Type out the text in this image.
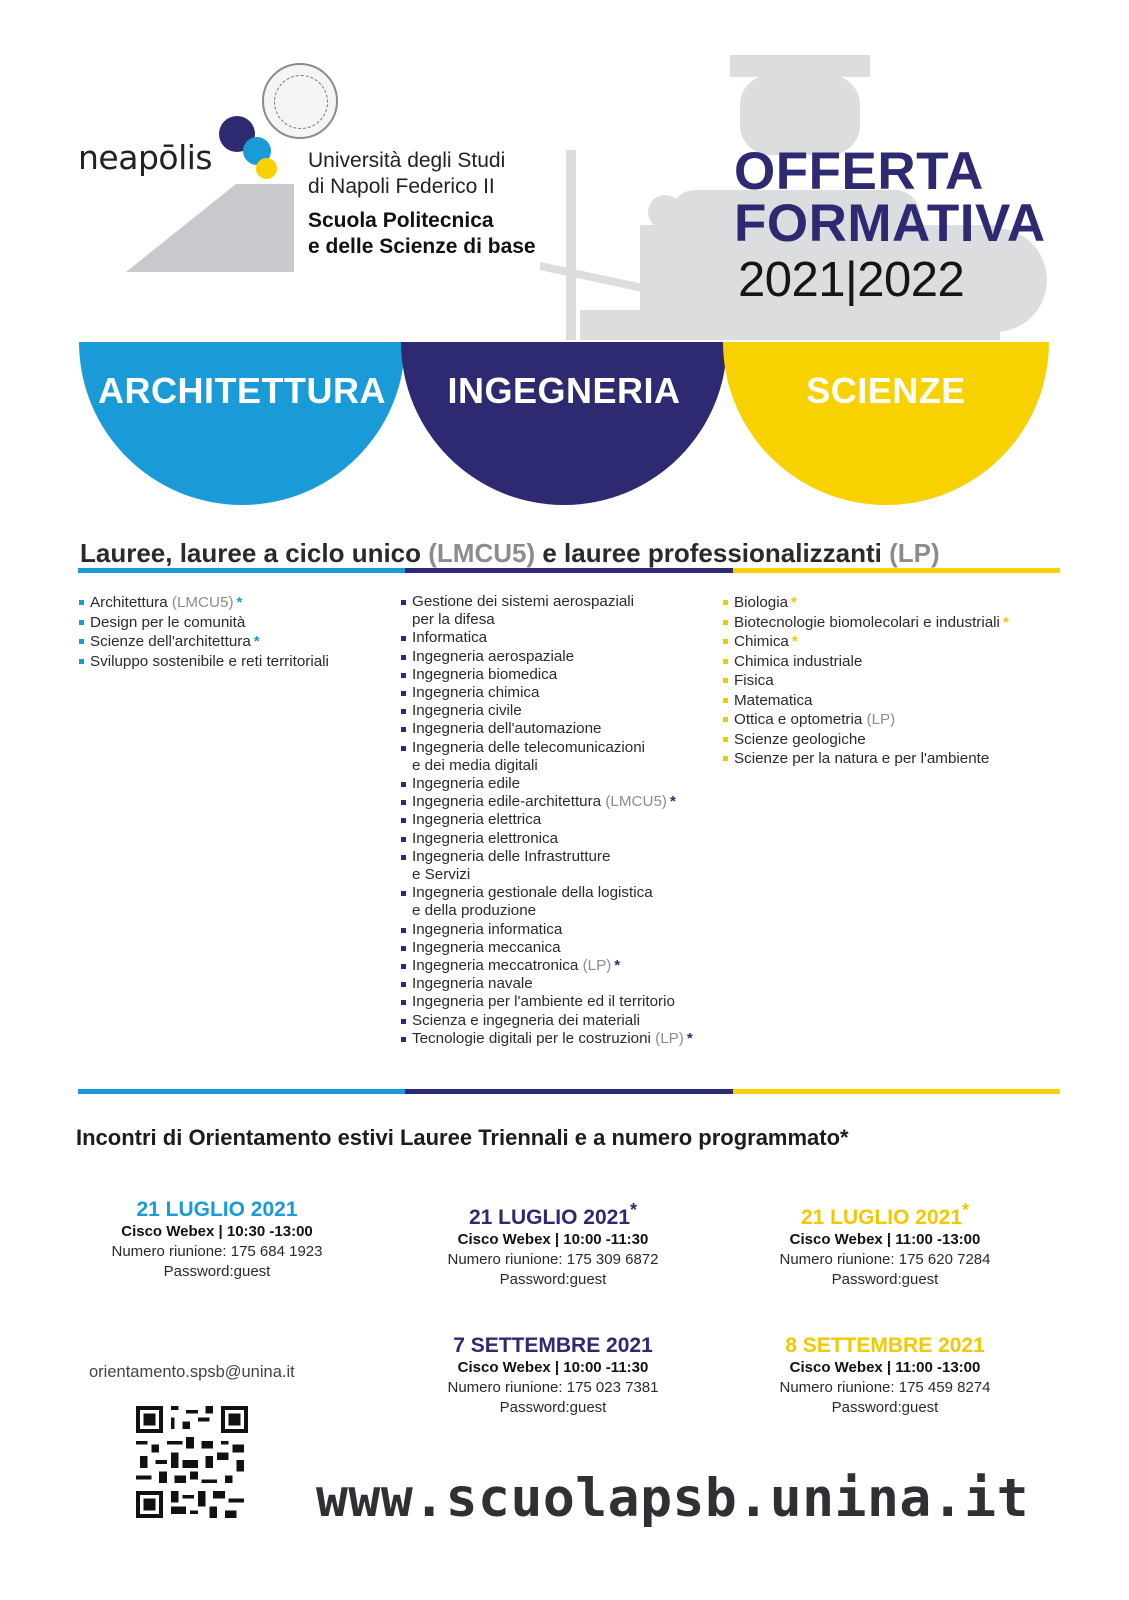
neapōlis	Università degli Studi
di Napoli Federico II
Scuola Politecnica
e delle Scienze di base
OFFERTA
FORMATIVA
2021|2022
ARCHITETTURA	INGEGNERIA	SCIENZE
Lauree, lauree a ciclo unico (LMCU5) e lauree professionalizzanti (LP)
Architettura (LMCU5) *
Design per le comunità
Scienze dell'architettura *
Sviluppo sostenibile e reti territoriali
Gestione dei sistemi aerospaziali
per la difesa
Informatica
Ingegneria aerospaziale
Ingegneria biomedica
Ingegneria chimica
Ingegneria civile
Ingegneria dell'automazione
Ingegneria delle telecomunicazioni
e dei media digitali
Ingegneria edile
Ingegneria edile-architettura (LMCU5) *
Ingegneria elettrica
Ingegneria elettronica
Ingegneria delle Infrastrutture
e Servizi
Ingegneria gestionale della logistica
e della produzione
Ingegneria informatica
Ingegneria meccanica
Ingegneria meccatronica (LP) *
Ingegneria navale
Ingegneria per l'ambiente ed il territorio
Scienza e ingegneria dei materiali
Tecnologie digitali per le costruzioni (LP) *
Biologia *
Biotecnologie biomolecolari e industriali *
Chimica *
Chimica industriale
Fisica
Matematica
Ottica e optometria (LP)
Scienze geologiche
Scienze per la natura e per l'ambiente
Incontri di Orientamento estivi Lauree Triennali e a numero programmato*
21 LUGLIO 2021
Cisco Webex | 10:30 -13:00
Numero riunione: 175 684 1923
Password:guest
21 LUGLIO 2021*
Cisco Webex | 10:00 -11:30
Numero riunione: 175 309 6872
Password:guest
21 LUGLIO 2021*
Cisco Webex | 11:00 -13:00
Numero riunione: 175 620 7284
Password:guest
7 SETTEMBRE 2021
Cisco Webex | 10:00 -11:30
Numero riunione: 175 023 7381
Password:guest
8 SETTEMBRE 2021
Cisco Webex | 11:00 -13:00
Numero riunione: 175 459 8274
Password:guest
orientamento.spsb@unina.it
www.scuolapsb.unina.it
